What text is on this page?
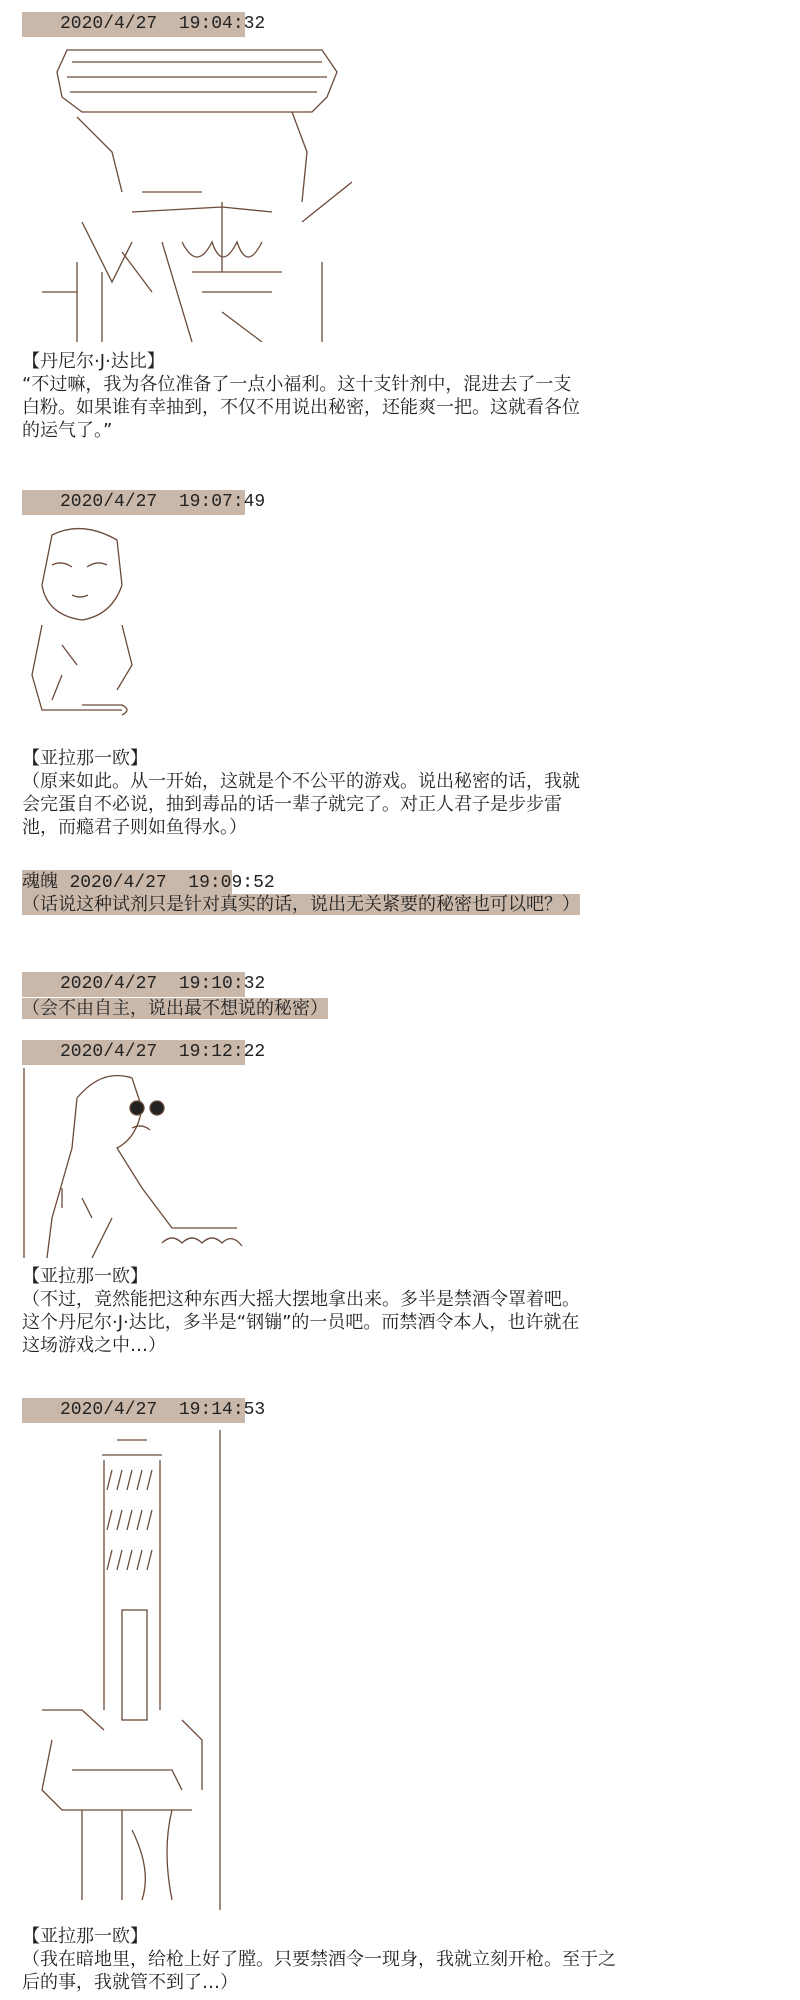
2020/4/27  19:04:32
【丹尼尔·J·达比】
“不过嘛，我为各位准备了一点小福利。这十支针剂中，混进去了一支白粉。如果谁有幸抽到，不仅不用说出秘密，还能爽一把。这就看各位的运气了。”
2020/4/27  19:07:49
【亚拉那一欧】
（原来如此。从一开始，这就是个不公平的游戏。说出秘密的话，我就会完蛋自不必说，抽到毒品的话一辈子就完了。对正人君子是步步雷池，而瘾君子则如鱼得水。）
魂魄 2020/4/27  19:09:52
（话说这种试剂只是针对真实的话，说出无关紧要的秘密也可以吧？）
2020/4/27  19:10:32
（会不由自主，说出最不想说的秘密）
2020/4/27  19:12:22
【亚拉那一欧】
（不过，竟然能把这种东西大摇大摆地拿出来。多半是禁酒令罩着吧。这个丹尼尔·J·达比，多半是“钢镚”的一员吧。而禁酒令本人，也许就在这场游戏之中…）
2020/4/27  19:14:53
【亚拉那一欧】
（我在暗地里，给枪上好了膛。只要禁酒令一现身，我就立刻开枪。至于之后的事，我就管不到了…）
